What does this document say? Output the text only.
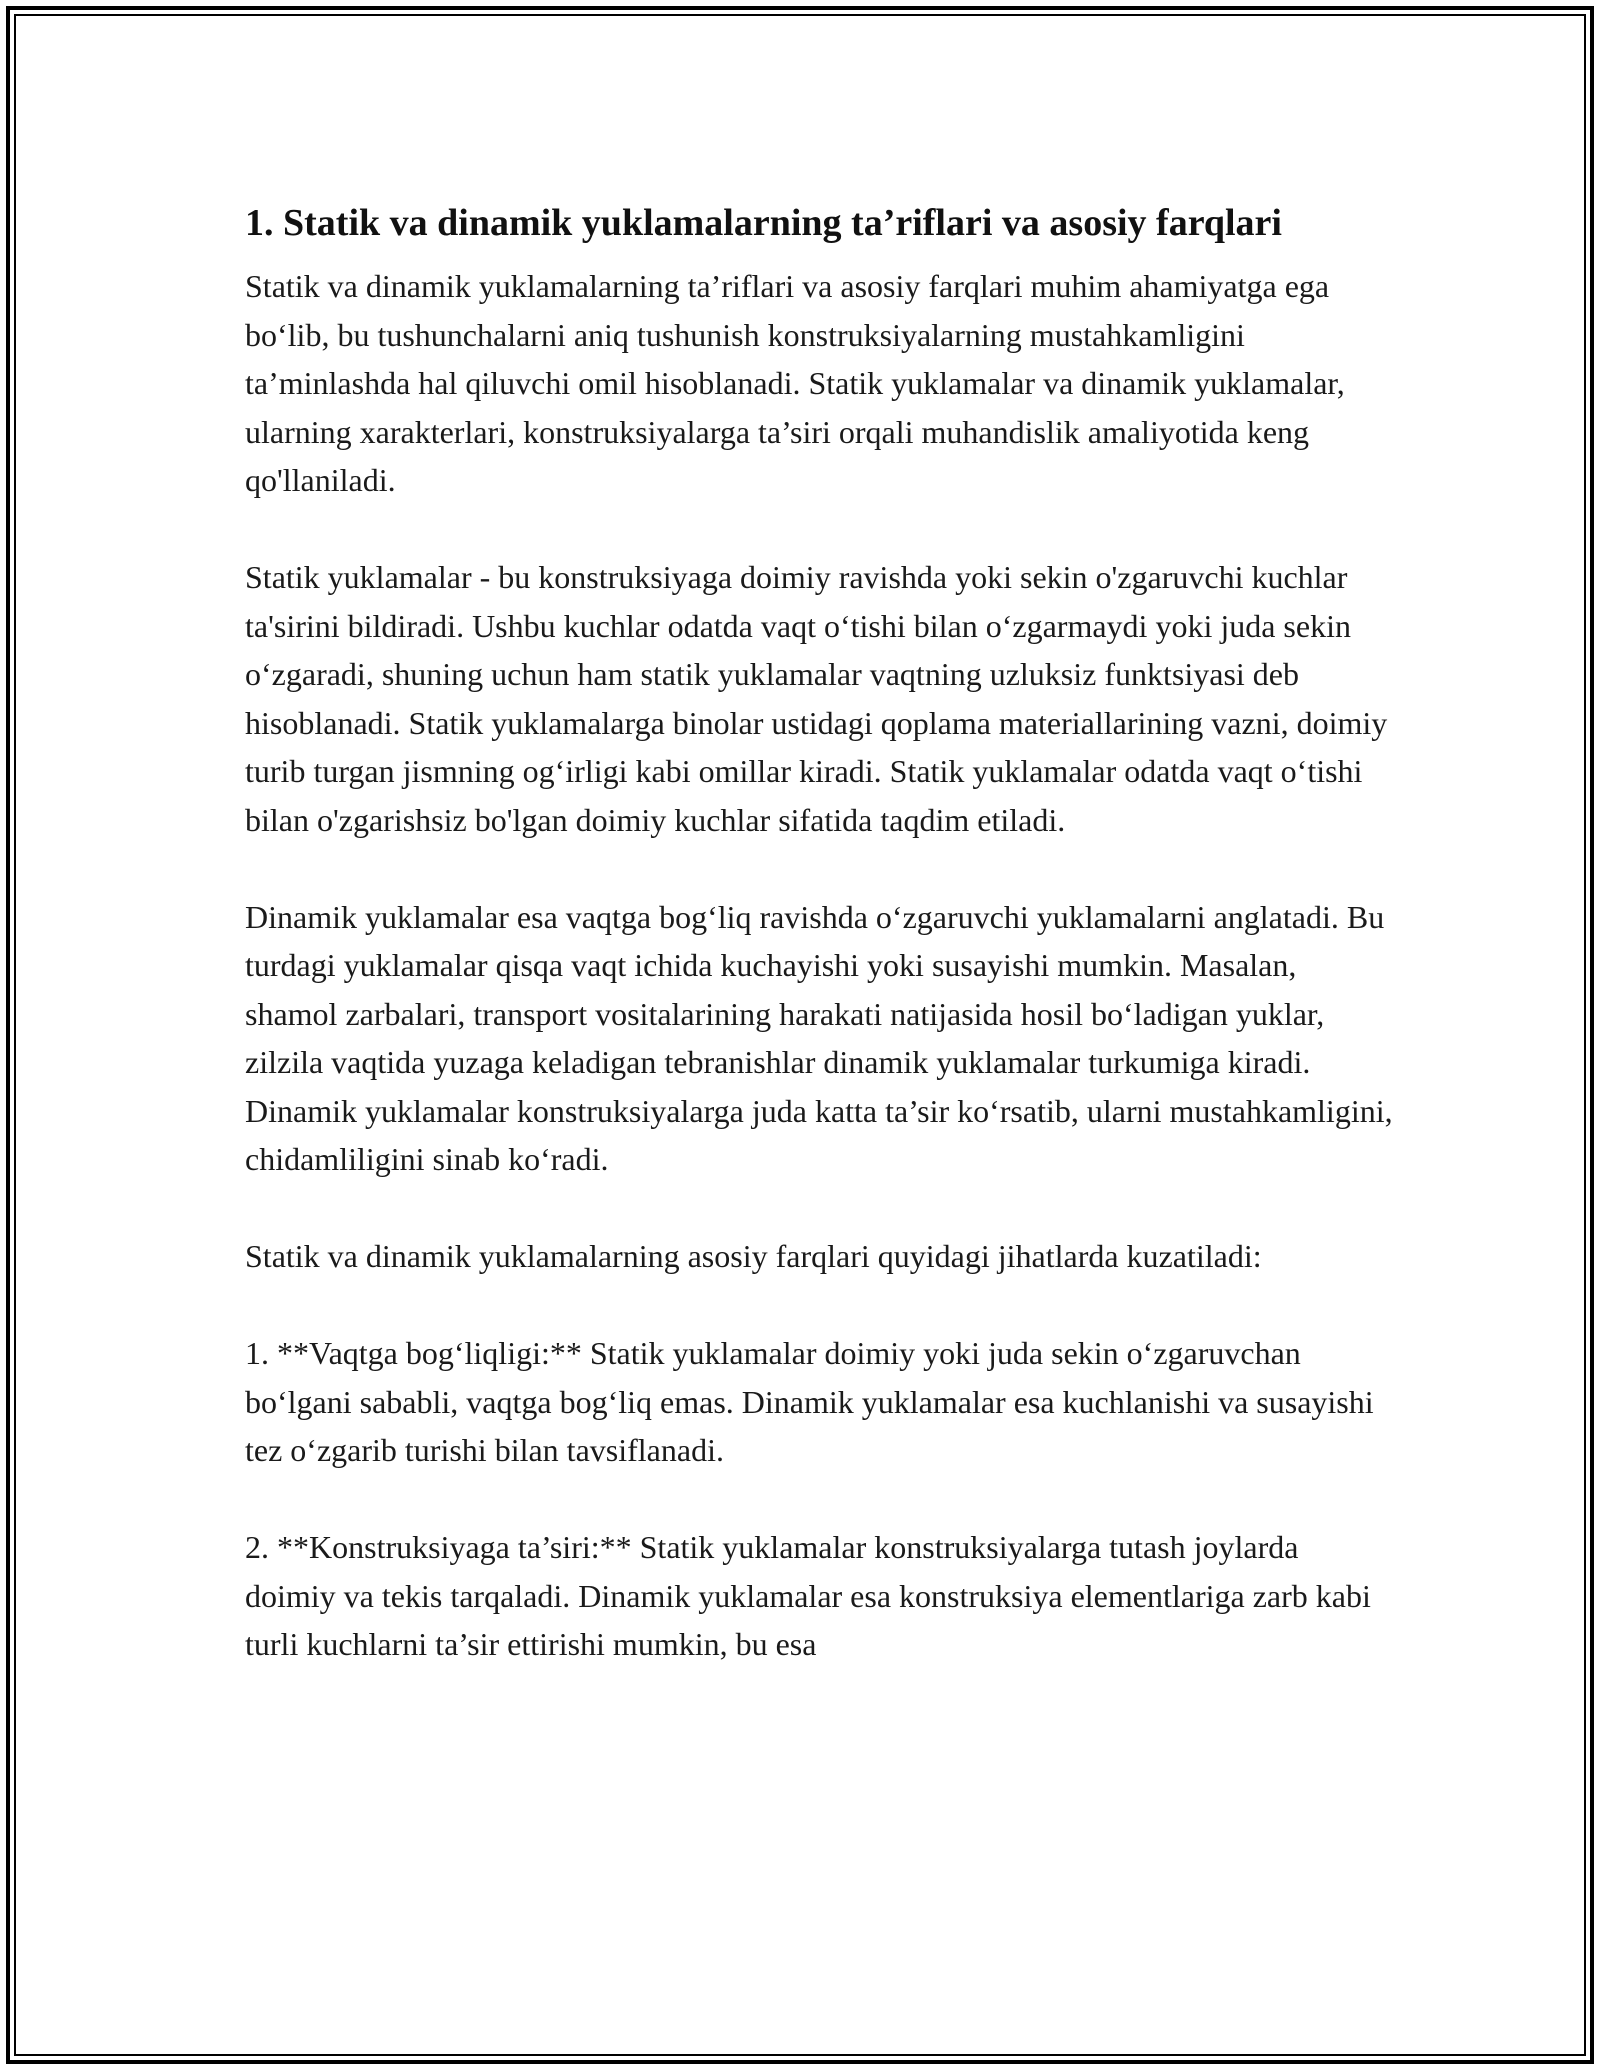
1. Statik va dinamik yuklamalarning ta’riflari va asosiy farqlari

Statik va dinamik yuklamalarning ta’riflari va asosiy farqlari muhim ahamiyatga ega bo‘lib, bu tushunchalarni aniq tushunish konstruksiyalarning mustahkamligini ta’minlashda hal qiluvchi omil hisoblanadi. Statik yuklamalar va dinamik yuklamalar, ularning xarakterlari, konstruksiyalarga ta’siri orqali muhandislik amaliyotida keng qo'llaniladi.

Statik yuklamalar - bu konstruksiyaga doimiy ravishda yoki sekin o'zgaruvchi kuchlar ta'sirini bildiradi. Ushbu kuchlar odatda vaqt o‘tishi bilan o‘zgarmaydi yoki juda sekin o‘zgaradi, shuning uchun ham statik yuklamalar vaqtning uzluksiz funktsiyasi deb hisoblanadi. Statik yuklamalarga binolar ustidagi qoplama materiallarining vazni, doimiy turib turgan jismning og‘irligi kabi omillar kiradi. Statik yuklamalar odatda vaqt o‘tishi bilan o'zgarishsiz bo'lgan doimiy kuchlar sifatida taqdim etiladi.

Dinamik yuklamalar esa vaqtga bog‘liq ravishda o‘zgaruvchi yuklamalarni anglatadi. Bu turdagi yuklamalar qisqa vaqt ichida kuchayishi yoki susayishi mumkin. Masalan, shamol zarbalari, transport vositalarining harakati natijasida hosil bo‘ladigan yuklar, zilzila vaqtida yuzaga keladigan tebranishlar dinamik yuklamalar turkumiga kiradi. Dinamik yuklamalar konstruksiyalarga juda katta ta’sir ko‘rsatib, ularni mustahkamligini, chidamliligini sinab ko‘radi.

Statik va dinamik yuklamalarning asosiy farqlari quyidagi jihatlarda kuzatiladi:

1. **Vaqtga bog‘liqligi:** Statik yuklamalar doimiy yoki juda sekin o‘zgaruvchan bo‘lgani sababli, vaqtga bog‘liq emas. Dinamik yuklamalar esa kuchlanishi va susayishi tez o‘zgarib turishi bilan tavsiflanadi.

2. **Konstruksiyaga ta’siri:** Statik yuklamalar konstruksiyalarga tutash joylarda doimiy va tekis tarqaladi. Dinamik yuklamalar esa konstruksiya elementlariga zarb kabi turli kuchlarni ta’sir ettirishi mumkin, bu esa
